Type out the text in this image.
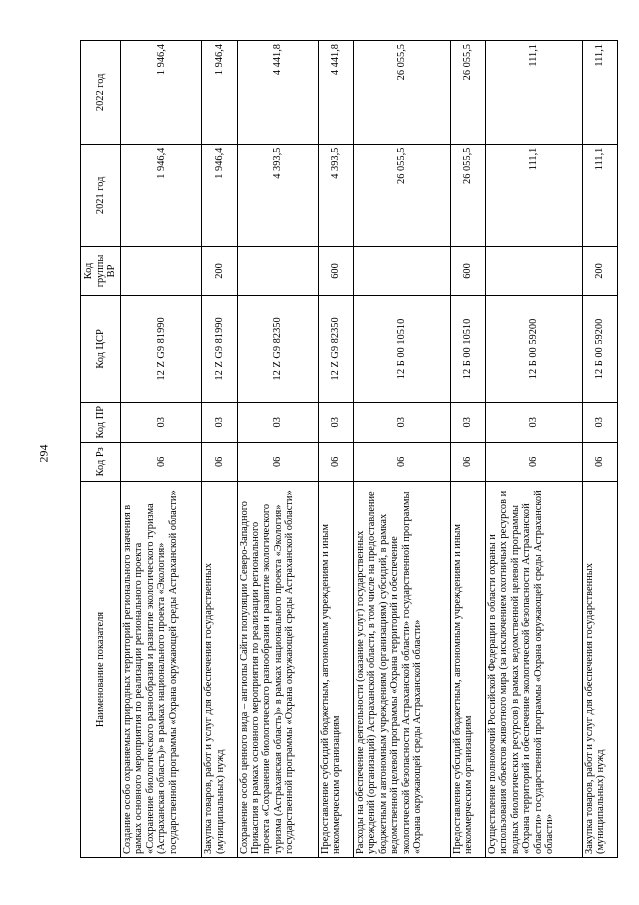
294
Наименование показателя	Код Рз	Код ПР	Код ЦСР	Код группы ВР	2021 год	2022 год
Создание особо охраняемых природных территорий регионального значения в рамках основного мероприятия по реализации регионального проекта «Сохранение биологического разнообразия и развитие экологического туризма (Астраханская область)» в рамках национального проекта «Экология» государственной программы «Охрана окружающей среды Астраханской области»	06	03	12 Z G9 81990		1 946,4	1 946,4
Закупка товаров, работ и услуг для обеспечения государственных (муниципальных) нужд	06	03	12 Z G9 81990	200	1 946,4	1 946,4
Сохранение особо ценного вида – ангиопы Сайги популяции Северо-Западного Прикаспия в рамках основного мероприятия по реализации регионального проекта «Сохранение биологического разнообразия и развитие экологического туризма (Астраханская область)» в рамках национального проекта «Экология» государственной программы «Охрана окружающей среды Астраханской области»	06	03	12 Z G9 82350		4 393,5	4 441,8
Предоставление субсидий бюджетным, автономным учреждениям и иным некоммерческим организациям	06	03	12 Z G9 82350	600	4 393,5	4 441,8
Расходы на обеспечение деятельности (оказание услуг) государственных учреждений (организаций) Астраханской области, в том числе на предоставление бюджетным и автономным учреждениям (организациям) субсидий, в рамках ведомственной целевой программы «Охрана территорий и обеспечение экологической безопасности Астраханской области» государственной программы «Охрана окружающей среды Астраханской области»	06	03	12 Б 00 10510		26 055,5	26 055,5
Предоставление субсидий бюджетным, автономным учреждениям и иным некоммерческим организациям	06	03	12 Б 00 10510	600	26 055,5	26 055,5
Осуществление полномочий Российской Федерации в области охраны и использования объектов животного мира (за исключением охотничьих ресурсов и водных биологических ресурсов) в рамках ведомственной целевой программы «Охрана территорий и обеспечение экологической безопасности Астраханской области» государственной программы «Охрана окружающей среды Астраханской области»	06	03	12 Б 00 59200		111,1	111,1
Закупка товаров, работ и услуг для обеспечения государственных (муниципальных) нужд	06	03	12 Б 00 59200	200	111,1	111,1
